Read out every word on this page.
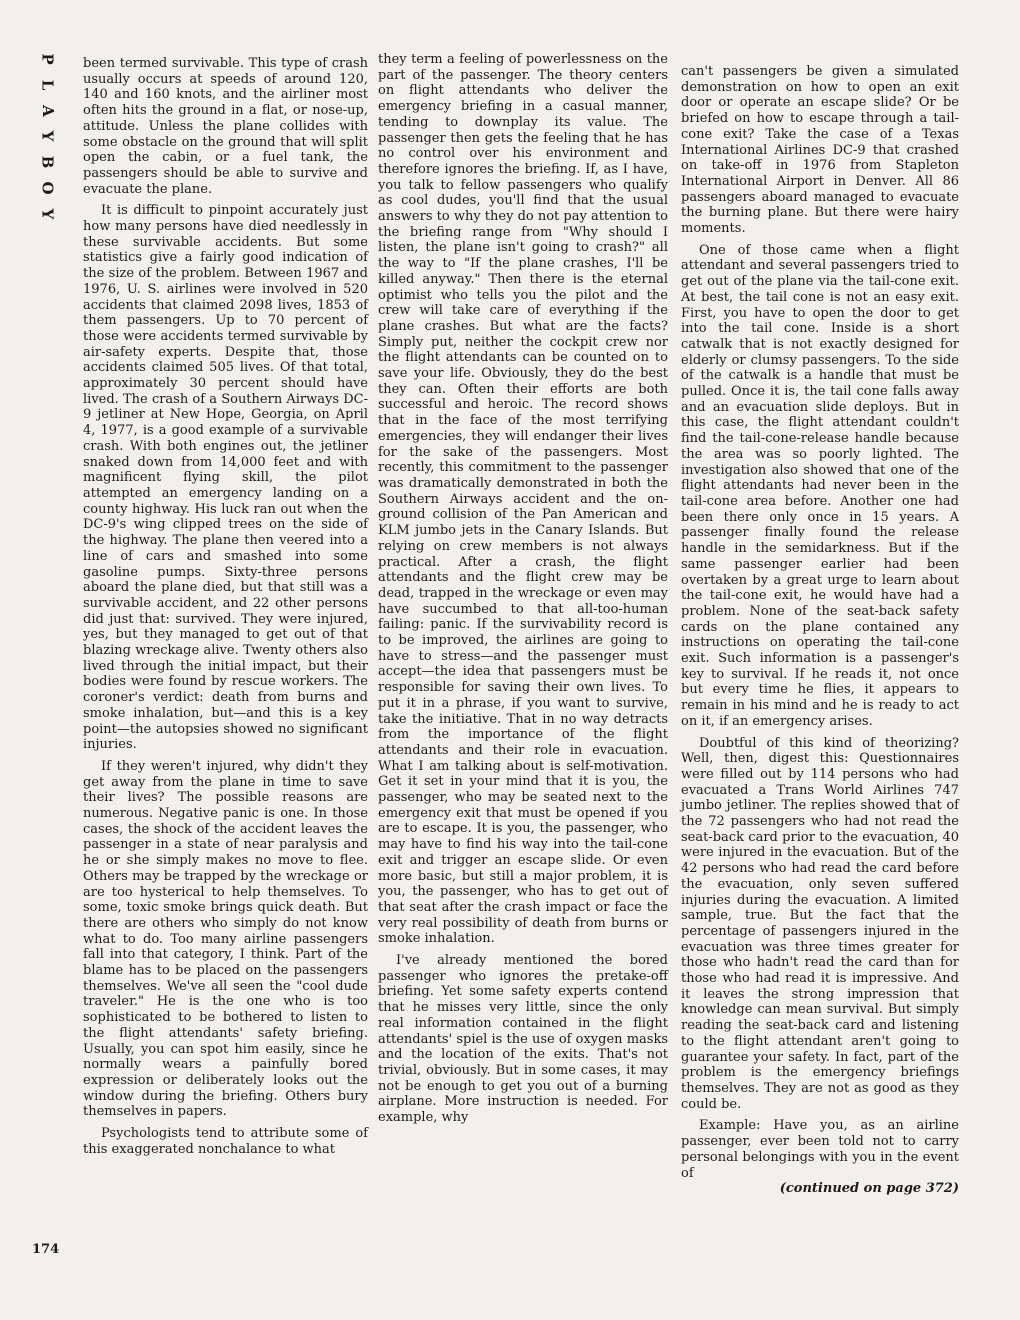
P
L
A
Y
B
O
Y
174

been termed survivable. This type of crash usually occurs at speeds of around 120, 140 and 160 knots, and the airliner most often hits the ground in a flat, or nose-up, attitude. Unless the plane collides with some obstacle on the ground that will split open the cabin, or a fuel tank, the passengers should be able to survive and evacuate the plane.

It is difficult to pinpoint accurately just how many persons have died needlessly in these survivable accidents. But some statistics give a fairly good indication of the size of the problem. Between 1967 and 1976, U. S. airlines were involved in 520 accidents that claimed 2098 lives, 1853 of them passengers. Up to 70 percent of those were accidents termed survivable by air-safety experts. Despite that, those accidents claimed 505 lives. Of that total, approximately 30 percent should have lived. The crash of a Southern Airways DC-9 jetliner at New Hope, Georgia, on April 4, 1977, is a good example of a survivable crash. With both engines out, the jetliner snaked down from 14,000 feet and with magnificent flying skill, the pilot attempted an emergency landing on a county highway. His luck ran out when the DC-9's wing clipped trees on the side of the highway. The plane then veered into a line of cars and smashed into some gasoline pumps. Sixty-three persons aboard the plane died, but that still was a survivable accident, and 22 other persons did just that: survived. They were injured, yes, but they managed to get out of that blazing wreckage alive. Twenty others also lived through the initial impact, but their bodies were found by rescue workers. The coroner's verdict: death from burns and smoke inhalation, but—and this is a key point—the autopsies showed no significant injuries.

If they weren't injured, why didn't they get away from the plane in time to save their lives? The possible reasons are numerous. Negative panic is one. In those cases, the shock of the accident leaves the passenger in a state of near paralysis and he or she simply makes no move to flee. Others may be trapped by the wreckage or are too hysterical to help themselves. To some, toxic smoke brings quick death. But there are others who simply do not know what to do. Too many airline passengers fall into that category, I think. Part of the blame has to be placed on the passengers themselves. We've all seen the "cool dude traveler." He is the one who is too sophisticated to be bothered to listen to the flight attendants' safety briefing. Usually, you can spot him easily, since he normally wears a painfully bored expression or deliberately looks out the window during the briefing. Others bury themselves in papers.

Psychologists tend to attribute some of this exaggerated nonchalance to what

they term a feeling of powerlessness on the part of the passenger. The theory centers on flight attendants who deliver the emergency briefing in a casual manner, tending to downplay its value. The passenger then gets the feeling that he has no control over his environment and therefore ignores the briefing. If, as I have, you talk to fellow passengers who qualify as cool dudes, you'll find that the usual answers to why they do not pay attention to the briefing range from "Why should I listen, the plane isn't going to crash?" all the way to "If the plane crashes, I'll be killed anyway." Then there is the eternal optimist who tells you the pilot and the crew will take care of everything if the plane crashes. But what are the facts? Simply put, neither the cockpit crew nor the flight attendants can be counted on to save your life. Obviously, they do the best they can. Often their efforts are both successful and heroic. The record shows that in the face of the most terrifying emergencies, they will endanger their lives for the sake of the passengers. Most recently, this commitment to the passenger was dramatically demonstrated in both the Southern Airways accident and the on-ground collision of the Pan American and KLM jumbo jets in the Canary Islands. But relying on crew members is not always practical. After a crash, the flight attendants and the flight crew may be dead, trapped in the wreckage or even may have succumbed to that all-too-human failing: panic. If the survivability record is to be improved, the airlines are going to have to stress—and the passenger must accept—the idea that passengers must be responsible for saving their own lives. To put it in a phrase, if you want to survive, take the initiative. That in no way detracts from the importance of the flight attendants and their role in evacuation. What I am talking about is self-motivation. Get it set in your mind that it is you, the passenger, who may be seated next to the emergency exit that must be opened if you are to escape. It is you, the passenger, who may have to find his way into the tail-cone exit and trigger an escape slide. Or even more basic, but still a major problem, it is you, the passenger, who has to get out of that seat after the crash impact or face the very real possibility of death from burns or smoke inhalation.

I've already mentioned the bored passenger who ignores the pretake-off briefing. Yet some safety experts contend that he misses very little, since the only real information contained in the flight attendants' spiel is the use of oxygen masks and the location of the exits. That's not trivial, obviously. But in some cases, it may not be enough to get you out of a burning airplane. More instruction is needed. For example, why

can't passengers be given a simulated demonstration on how to open an exit door or operate an escape slide? Or be briefed on how to escape through a tail-cone exit? Take the case of a Texas International Airlines DC-9 that crashed on take-off in 1976 from Stapleton International Airport in Denver. All 86 passengers aboard managed to evacuate the burning plane. But there were hairy moments.

One of those came when a flight attendant and several passengers tried to get out of the plane via the tail-cone exit. At best, the tail cone is not an easy exit. First, you have to open the door to get into the tail cone. Inside is a short catwalk that is not exactly designed for elderly or clumsy passengers. To the side of the catwalk is a handle that must be pulled. Once it is, the tail cone falls away and an evacuation slide deploys. But in this case, the flight attendant couldn't find the tail-cone-release handle because the area was so poorly lighted. The investigation also showed that one of the flight attendants had never been in the tail-cone area before. Another one had been there only once in 15 years. A passenger finally found the release handle in the semidarkness. But if the same passenger earlier had been overtaken by a great urge to learn about the tail-cone exit, he would have had a problem. None of the seat-back safety cards on the plane contained any instructions on operating the tail-cone exit. Such information is a passenger's key to survival. If he reads it, not once but every time he flies, it appears to remain in his mind and he is ready to act on it, if an emergency arises.

Doubtful of this kind of theorizing? Well, then, digest this: Questionnaires were filled out by 114 persons who had evacuated a Trans World Airlines 747 jumbo jetliner. The replies showed that of the 72 passengers who had not read the seat-back card prior to the evacuation, 40 were injured in the evacuation. But of the 42 persons who had read the card before the evacuation, only seven suffered injuries during the evacuation. A limited sample, true. But the fact that the percentage of passengers injured in the evacuation was three times greater for those who hadn't read the card than for those who had read it is impressive. And it leaves the strong impression that knowledge can mean survival. But simply reading the seat-back card and listening to the flight attendant aren't going to guarantee your safety. In fact, part of the problem is the emergency briefings themselves. They are not as good as they could be.

Example: Have you, as an airline passenger, ever been told not to carry personal belongings with you in the event of

(continued on page 372)
